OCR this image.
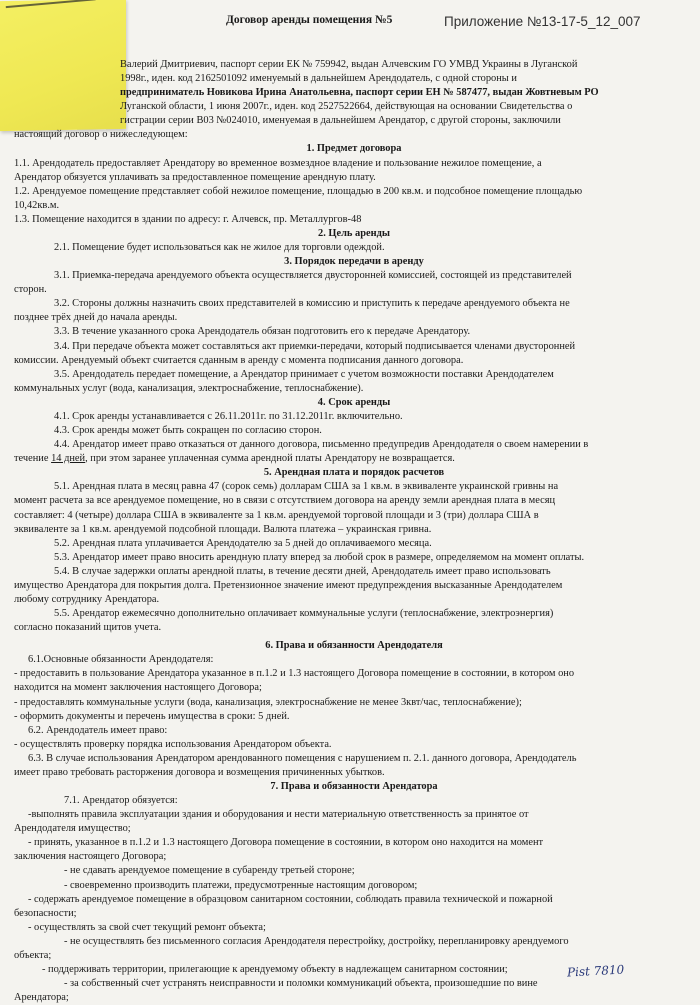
Договор аренды помещения №5	Приложение №13-17-5_12_007

Валерий Дмитриевич, паспорт серии ЕК № 759942, выдан Алчевским ГО УМВД Украины в Луганской

1998г., иден. код 2162501092 именуемый в дальнейшем Арендодатель, с одной стороны и

предприниматель Новикова Ирина Анатольевна, паспорт серии ЕН № 587477, выдан Жовтневым РО

Луганской области, 1 июня 2007г., иден. код 2527522664, действующая на основании Свидетельства о

гистрации серии В03 №024010, именуемая в дальнейшем Арендатор, с другой стороны, заключили

настоящий договор о нижеследующем:

1. Предмет договора

1.1. Арендодатель предоставляет Арендатору во временное возмездное владение и пользование нежилое помещение, а

Арендатор обязуется уплачивать за предоставленное помещение арендную плату.

1.2. Арендуемое помещение представляет собой нежилое помещение, площадью в 200 кв.м. и подсобное помещение площадью

10,42кв.м.

1.3. Помещение находится в здании по адресу: г. Алчевск, пр. Металлургов-48

2. Цель аренды

2.1. Помещение будет использоваться как не жилое для торговли одеждой.

3. Порядок передачи в аренду

3.1. Приемка-передача арендуемого объекта осуществляется двусторонней комиссией, состоящей из представителей

сторон.

3.2. Стороны должны назначить своих представителей в комиссию и приступить к передаче арендуемого объекта не

позднее трёх дней до начала аренды.

3.3. В течение указанного срока Арендодатель обязан подготовить его к передаче Арендатору.

3.4. При передаче объекта может составляться акт приемки-передачи, который подписывается членами двусторонней

комиссии. Арендуемый объект считается сданным в аренду с момента подписания данного договора.

3.5. Арендодатель передает помещение, а Арендатор принимает с учетом возможности поставки Арендодателем

коммунальных услуг (вода, канализация, электроснабжение, теплоснабжение).

4. Срок аренды

4.1. Срок аренды устанавливается с 26.11.2011г. по 31.12.2011г. включительно.

4.3. Срок аренды может быть сокращен по согласию сторон.

4.4. Арендатор имеет право отказаться от данного договора, письменно предупредив Арендодателя о своем намерении в

течение 14 дней, при этом заранее уплаченная сумма арендной платы Арендатору не возвращается.

5. Арендная плата и порядок расчетов

5.1. Арендная плата в месяц равна 47 (сорок семь) долларам США за 1 кв.м. в эквиваленте украинской гривны на

момент расчета за все арендуемое помещение, но в связи с отсутствием договора на аренду земли арендная плата в месяц

составляет: 4 (четыре) доллара США в эквиваленте за 1 кв.м. арендуемой торговой площади и 3 (три) доллара США в

эквиваленте за 1 кв.м. арендуемой подсобной площади. Валюта платежа – украинская гривна.

5.2. Арендная плата уплачивается Арендодателю за 5 дней до оплачиваемого месяца.

5.3. Арендатор имеет право вносить арендную плату вперед за любой срок в размере, определяемом на момент оплаты.

5.4. В случае задержки оплаты арендной платы, в течение десяти дней, Арендодатель имеет право использовать

имущество Арендатора для покрытия долга. Претензионное значение имеют предупреждения высказанные Арендодателем

любому сотруднику Арендатора.

5.5. Арендатор ежемесячно дополнительно оплачивает коммунальные услуги (теплоснабжение, электроэнергия)

согласно показаний щитов учета.

6. Права и обязанности Арендодателя

6.1.Основные обязанности Арендодателя:

- предоставить в пользование Арендатора указанное в п.1.2 и 1.3 настоящего Договора помещение в состоянии, в котором оно

находится на момент заключения настоящего Договора;

- предоставлять коммунальные услуги (вода, канализация, электроснабжение не менее 3квт/час, теплоснабжение);

- оформить документы и перечень имущества в сроки: 5 дней.

6.2. Арендодатель имеет право:

- осуществлять проверку порядка использования Арендатором объекта.

6.3. В случае использования Арендатором арендованного помещения с нарушением п. 2.1. данного договора, Арендодатель

имеет право требовать расторжения договора и возмещения причиненных убытков.

7. Права и обязанности Арендатора

7.1. Арендатор обязуется:

-выполнять правила эксплуатации здания и оборудования и нести материальную ответственность за принятое от

Арендодателя имущество;

- принять, указанное в п.1.2 и 1.3 настоящего Договора помещение в состоянии, в котором оно находится на момент

заключения настоящего Договора;

- не сдавать арендуемое помещение в субаренду третьей стороне;

- своевременно производить платежи, предусмотренные настоящим договором;

- содержать арендуемое помещение в образцовом санитарном состоянии, соблюдать правила технической и пожарной

безопасности;

- осуществлять за свой счет текущий ремонт объекта;

- не осуществлять без письменного согласия Арендодателя перестройку, достройку, перепланировку арендуемого

объекта;

- поддерживать территории, прилегающие к арендуемому объекту в надлежащем санитарном состоянии;

- за собственный счет устранять неисправности и поломки коммуникаций объекта, произошедшие по вине

Арендатора;

Pist 7810
